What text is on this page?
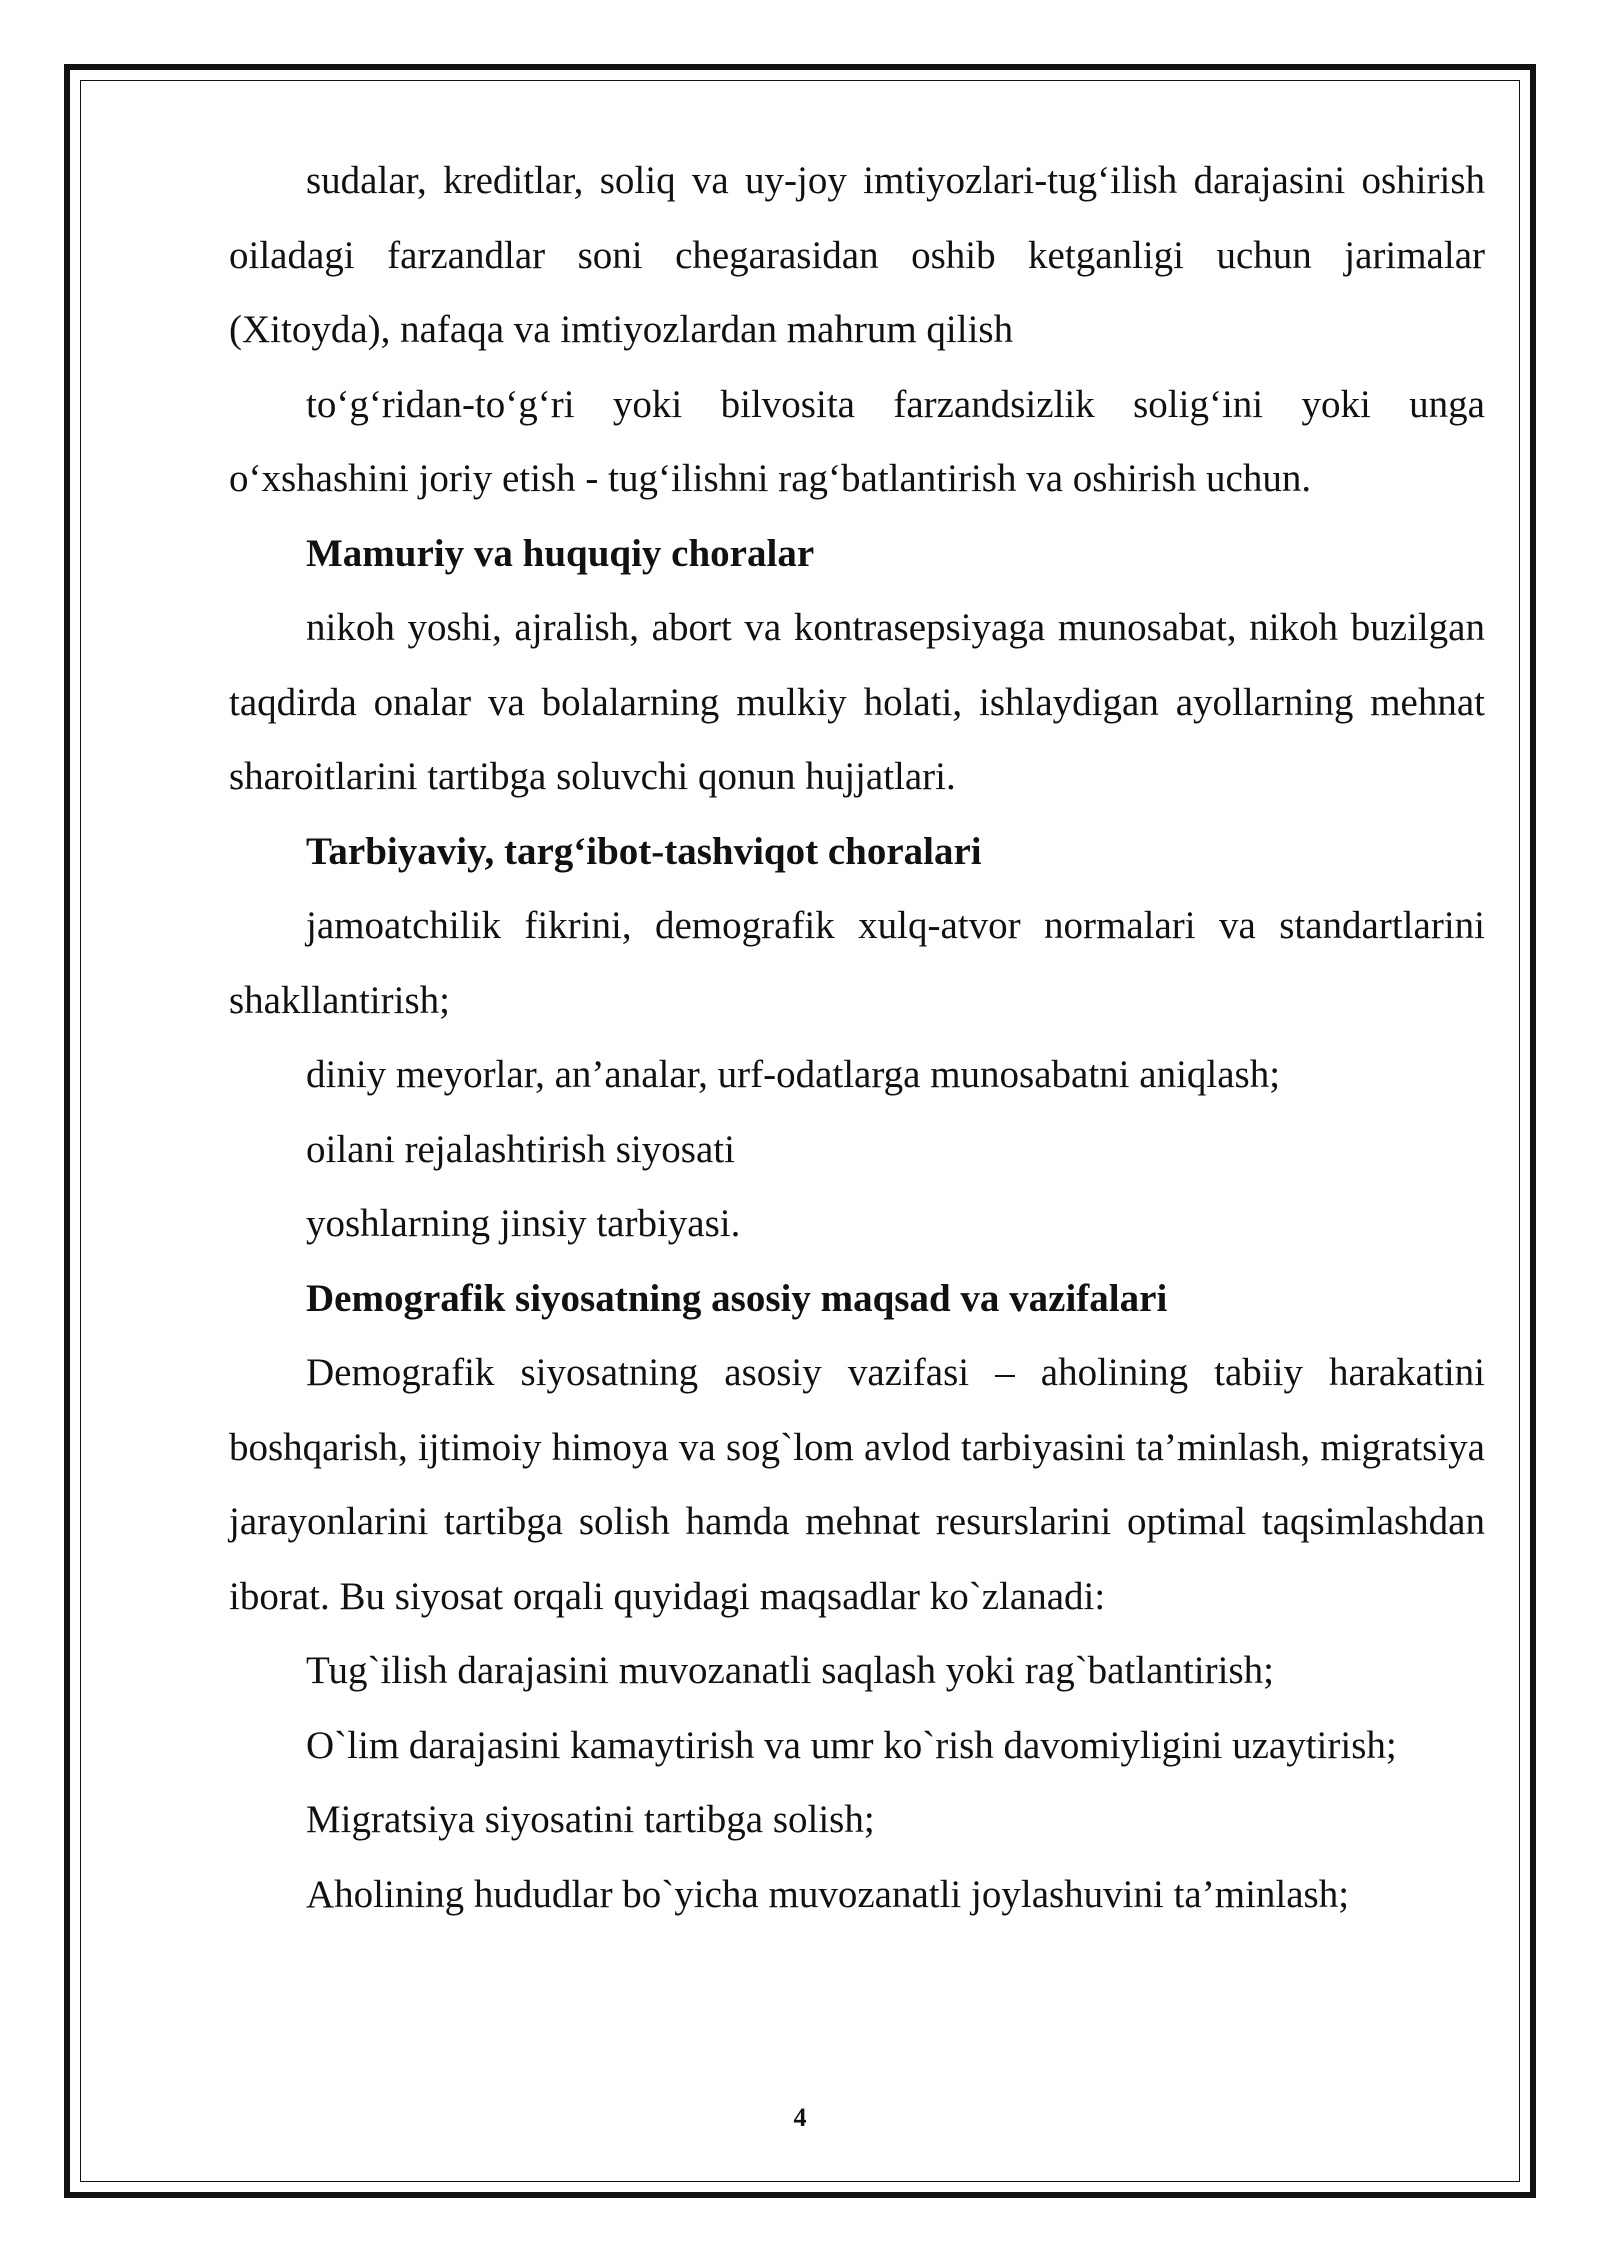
sudalar, kreditlar, soliq va uy-joy imtiyozlari-tug‘ilish darajasini oshirish oiladagi farzandlar soni chegarasidan oshib ketganligi uchun jarimalar (Xitoyda), nafaqa va imtiyozlardan mahrum qilish

to‘g‘ridan-to‘g‘ri yoki bilvosita farzandsizlik solig‘ini yoki unga o‘xshashini joriy etish - tug‘ilishni rag‘batlantirish va oshirish uchun.

Mamuriy va huquqiy choralar

nikoh yoshi, ajralish, abort va kontrasepsiyaga munosabat, nikoh buzilgan taqdirda onalar va bolalarning mulkiy holati, ishlaydigan ayollarning mehnat sharoitlarini tartibga soluvchi qonun hujjatlari.

Tarbiyaviy, targ‘ibot-tashviqot choralari

jamoatchilik fikrini, demografik xulq-atvor normalari va standartlarini shakllantirish;

diniy meyorlar, an’analar, urf-odatlarga munosabatni aniqlash;

oilani rejalashtirish siyosati

yoshlarning jinsiy tarbiyasi.

Demografik siyosatning asosiy maqsad va vazifalari

Demografik siyosatning asosiy vazifasi – aholining tabiiy harakatini boshqarish, ijtimoiy himoya va sog`lom avlod tarbiyasini ta’minlash, migratsiya jarayonlarini tartibga solish hamda mehnat resurslarini optimal taqsimlashdan iborat. Bu siyosat orqali quyidagi maqsadlar ko`zlanadi:

Tug`ilish darajasini muvozanatli saqlash yoki rag`batlantirish;

O`lim darajasini kamaytirish va umr ko`rish davomiyligini uzaytirish;

Migratsiya siyosatini tartibga solish;

Aholining hududlar bo`yicha muvozanatli joylashuvini ta’minlash;

4
